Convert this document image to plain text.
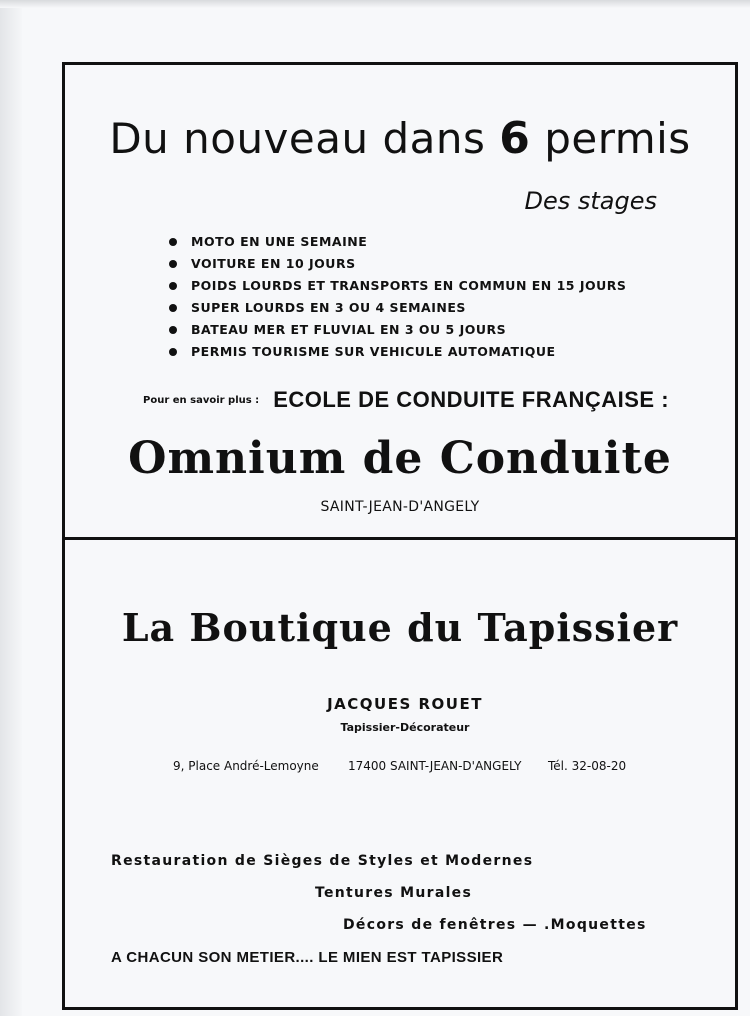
Du nouveau dans 6 permis
Des stages
MOTO EN UNE SEMAINE
VOITURE EN 10 JOURS
POIDS LOURDS ET TRANSPORTS EN COMMUN EN 15 JOURS
SUPER LOURDS EN 3 OU 4 SEMAINES
BATEAU MER ET FLUVIAL EN 3 OU 5 JOURS
PERMIS TOURISME SUR VEHICULE AUTOMATIQUE
Pour en savoir plus : ECOLE DE CONDUITE FRANÇAISE :
Omnium de Conduite
SAINT-JEAN-D'ANGELY
La Boutique du Tapissier
JACQUES ROUET
Tapissier-Décorateur
9, Place André-Lemoyne 17400 SAINT-JEAN-D'ANGELY Tél. 32-08-20
Restauration de Sièges de Styles et Modernes
Tentures Murales
Décors de fenêtres — .Moquettes
A CHACUN SON METIER.... LE MIEN EST TAPISSIER
